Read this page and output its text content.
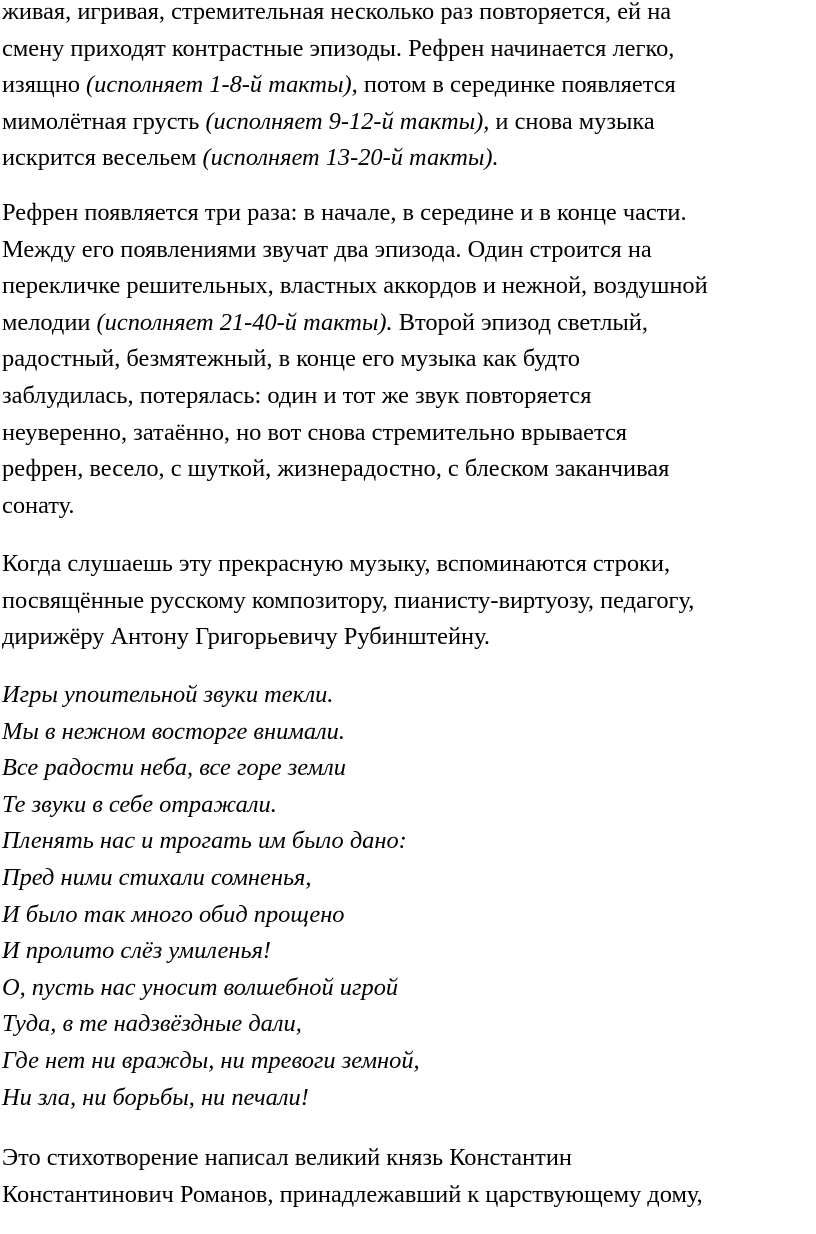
живая, игривая, стремительная несколько раз повторяется, ей на
смену приходят контрастные эпизоды. Рефрен начинается легко,
изящно (исполняет 1-8-й такты), потом в серединке появляется
мимолётная грусть (исполняет 9-12-й такты), и снова музыка
искрится весельем (исполняет 13-20-й такты).
Рефрен появляется три раза: в начале, в середине и в конце части.
Между его появлениями звучат два эпизода. Один строится на
перекличке решительных, властных аккордов и нежной, воздушной
мелодии (исполняет 21-40-й такты). Второй эпизод светлый,
радостный, безмятежный, в конце его музыка как будто
заблудилась, потерялась: один и тот же звук повторяется
неуверенно, затаённо, но вот снова стремительно врывается
рефрен, весело, с шуткой, жизнерадостно, с блеском заканчивая
сонату.
Когда слушаешь эту прекрасную музыку, вспоминаются строки,
посвящённые русскому композитору, пианисту-виртуозу, педагогу,
дирижёру Антону Григорьевичу Рубинштейну.
Игры упоительной звуки текли.
Мы в нежном восторге внимали.
Все радости неба, все горе земли
Те звуки в себе отражали.
Пленять нас и трогать им было дано:
Пред ними стихали сомненья,
И было так много обид прощено
И пролито слёз умиленья!
О, пусть нас уносит волшебной игрой
Туда, в те надзвёздные дали,
Где нет ни вражды, ни тревоги земной,
Ни зла, ни борьбы, ни печали!
Это стихотворение написал великий князь Константин
Константинович Романов, принадлежавший к царствующему дому,
